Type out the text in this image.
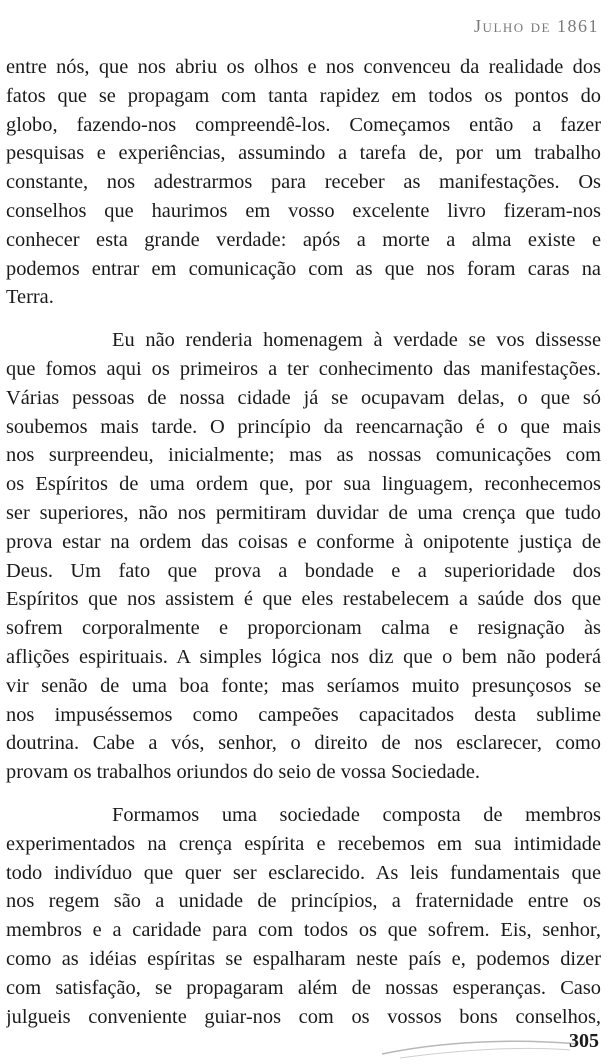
Julho de 1861
entre nós, que nos abriu os olhos e nos convenceu da realidade dos
fatos que se propagam com tanta rapidez em todos os pontos do
globo, fazendo-nos compreendê-los. Começamos então a fazer
pesquisas e experiências, assumindo a tarefa de, por um trabalho
constante, nos adestrarmos para receber as manifestações. Os
conselhos que haurimos em vosso excelente livro fizeram-nos
conhecer esta grande verdade: após a morte a alma existe e
podemos entrar em comunicação com as que nos foram caras na
Terra.
Eu não renderia homenagem à verdade se vos dissesse
que fomos aqui os primeiros a ter conhecimento das manifestações.
Várias pessoas de nossa cidade já se ocupavam delas, o que só
soubemos mais tarde. O princípio da reencarnação é o que mais
nos surpreendeu, inicialmente; mas as nossas comunicações com
os Espíritos de uma ordem que, por sua linguagem, reconhecemos
ser superiores, não nos permitiram duvidar de uma crença que tudo
prova estar na ordem das coisas e conforme à onipotente justiça de
Deus. Um fato que prova a bondade e a superioridade dos
Espíritos que nos assistem é que eles restabelecem a saúde dos que
sofrem corporalmente e proporcionam calma e resignação às
aflições espirituais. A simples lógica nos diz que o bem não poderá
vir senão de uma boa fonte; mas seríamos muito presunçosos se
nos impuséssemos como campeões capacitados desta sublime
doutrina. Cabe a vós, senhor, o direito de nos esclarecer, como
provam os trabalhos oriundos do seio de vossa Sociedade.
Formamos uma sociedade composta de membros
experimentados na crença espírita e recebemos em sua intimidade
todo indivíduo que quer ser esclarecido. As leis fundamentais que
nos regem são a unidade de princípios, a fraternidade entre os
membros e a caridade para com todos os que sofrem. Eis, senhor,
como as idéias espíritas se espalharam neste país e, podemos dizer
com satisfação, se propagaram além de nossas esperanças. Caso
julgueis conveniente guiar-nos com os vossos bons conselhos,
305
